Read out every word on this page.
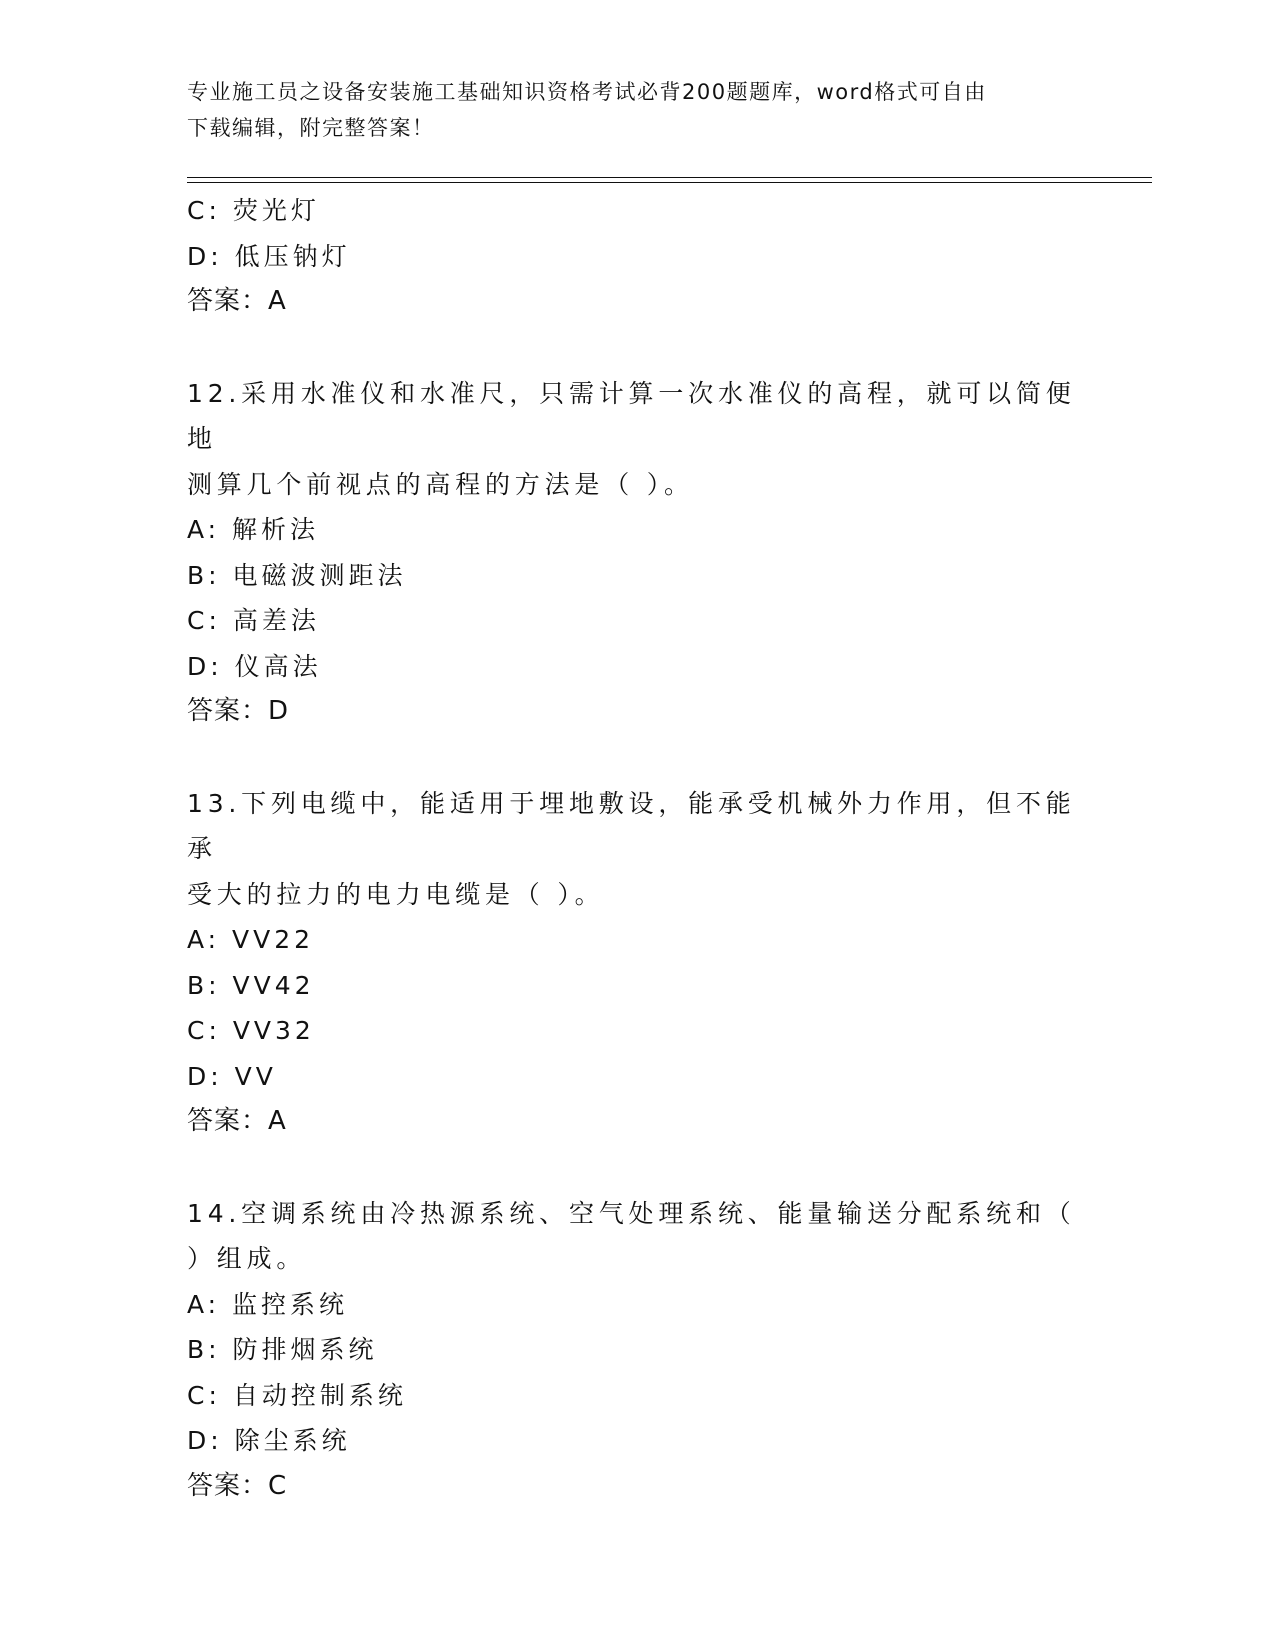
专业施工员之设备安装施工基础知识资格考试必背200题题库，word格式可自由
下载编辑，附完整答案！
C: 荧光灯
D: 低压钠灯
答案：A
12.采用水准仪和水准尺，只需计算一次水准仪的高程，就可以简便地
测算几个前视点的高程的方法是（ ）。
A: 解析法
B: 电磁波测距法
C: 高差法
D: 仪高法
答案：D
13.下列电缆中，能适用于埋地敷设，能承受机械外力作用，但不能承
受大的拉力的电力电缆是（ ）。
A: VV22
B: VV42
C: VV32
D: VV
答案：A
14.空调系统由冷热源系统、空气处理系统、能量输送分配系统和（
）组成。
A: 监控系统
B: 防排烟系统
C: 自动控制系统
D: 除尘系统
答案：C
